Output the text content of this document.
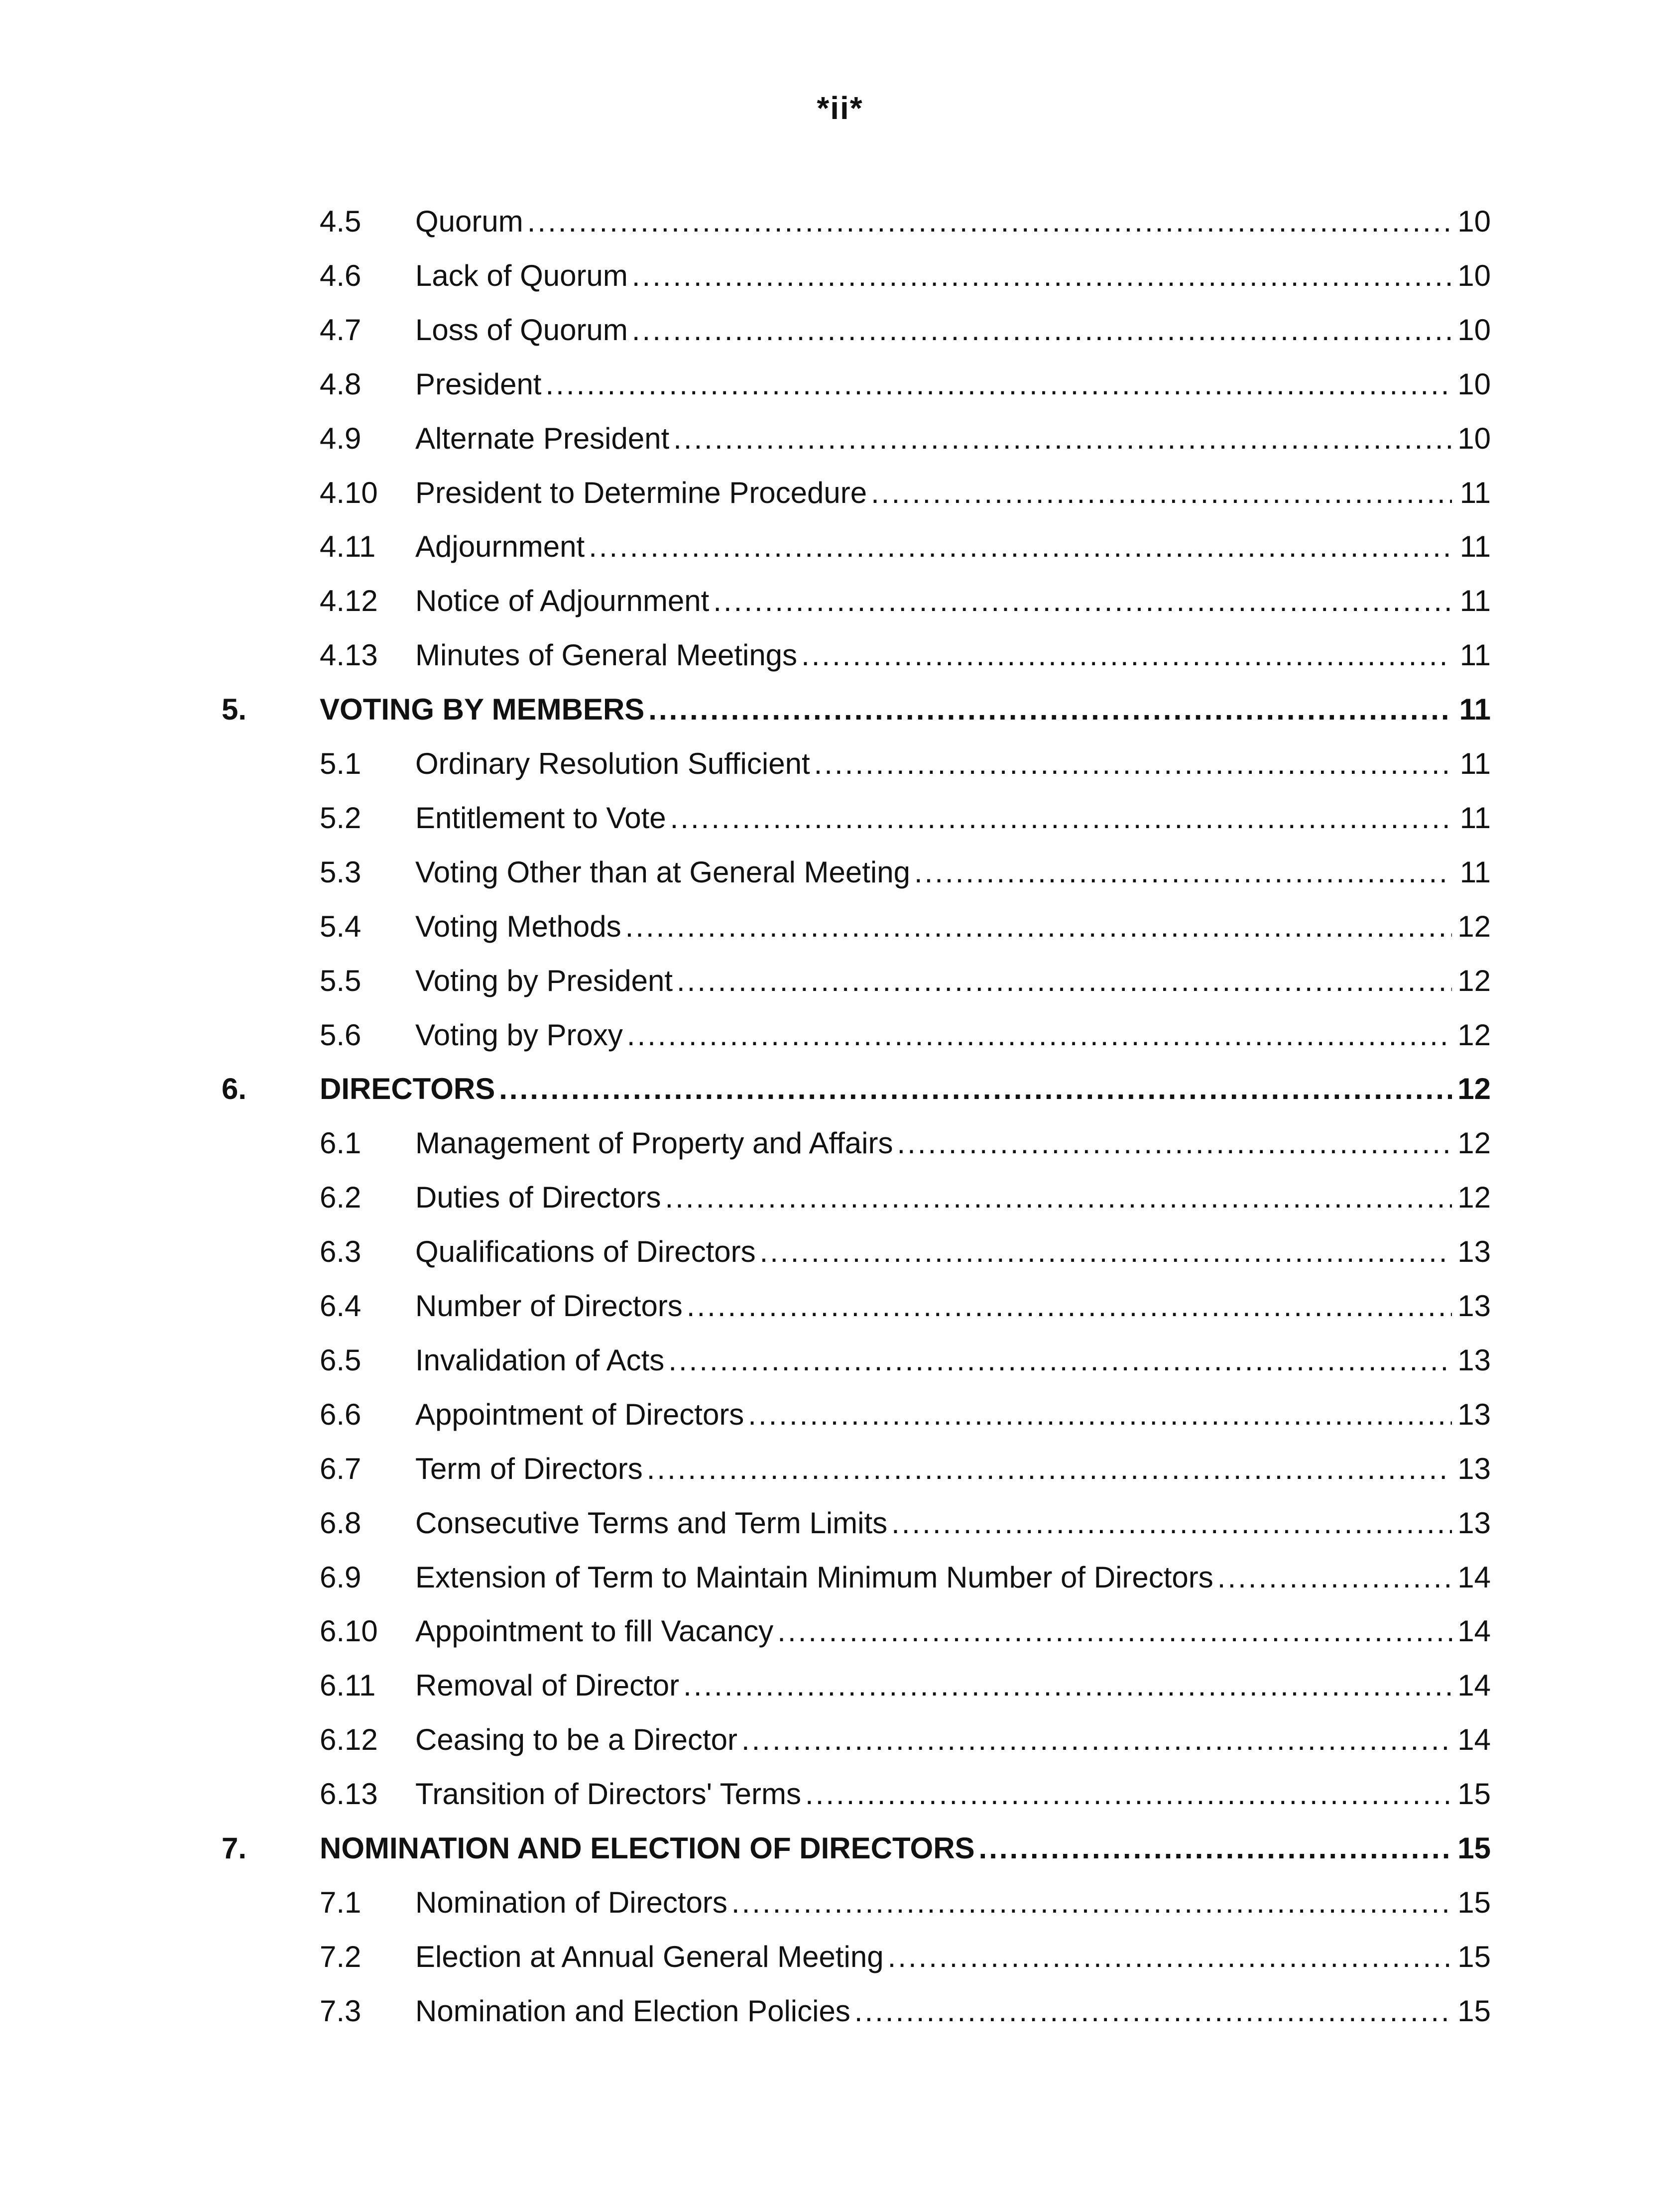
*ii*
4.5 Quorum .....	10
4.6 Lack of Quorum .....	10
4.7 Loss of Quorum .....	10
4.8 President .....	10
4.9 Alternate President .....	10
4.10 President to Determine Procedure .....	11
4.11 Adjournment .....	11
4.12 Notice of Adjournment .....	11
4.13 Minutes of General Meetings .....	11
5. VOTING BY MEMBERS .....	11
5.1 Ordinary Resolution Sufficient .....	11
5.2 Entitlement to Vote .....	11
5.3 Voting Other than at General Meeting .....	11
5.4 Voting Methods .....	12
5.5 Voting by President .....	12
5.6 Voting by Proxy .....	12
6. DIRECTORS .....	12
6.1 Management of Property and Affairs .....	12
6.2 Duties of Directors .....	12
6.3 Qualifications of Directors .....	13
6.4 Number of Directors .....	13
6.5 Invalidation of Acts .....	13
6.6 Appointment of Directors .....	13
6.7 Term of Directors .....	13
6.8 Consecutive Terms and Term Limits .....	13
6.9 Extension of Term to Maintain Minimum Number of Directors .....	14
6.10 Appointment to fill Vacancy .....	14
6.11 Removal of Director .....	14
6.12 Ceasing to be a Director .....	14
6.13 Transition of Directors' Terms .....	15
7. NOMINATION AND ELECTION OF DIRECTORS .....	15
7.1 Nomination of Directors .....	15
7.2 Election at Annual General Meeting .....	15
7.3 Nomination and Election Policies .....	15
